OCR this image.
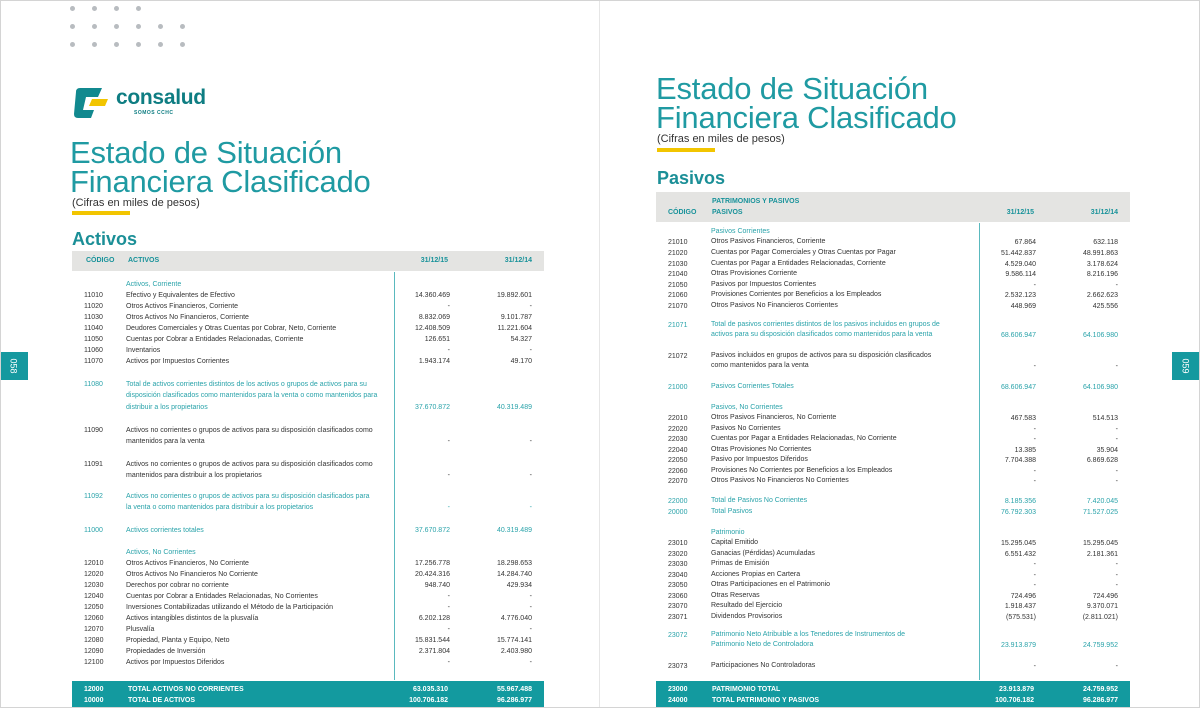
consalud
SOMOS CCHC
Estado de Situación
Financiera Clasificado
(Cifras en miles de pesos)
Activos
058
CÓDIGO ACTIVOS	31/12/15	31/12/14
Activos, Corriente
11010	Efectivo y Equivalentes de Efectivo	14.360.469	19.892.601
11020	Otros Activos Financieros, Corriente	-	-
11030	Otros Activos No Financieros, Corriente	8.832.069	9.101.787
11040	Deudores Comerciales y Otras Cuentas por Cobrar, Neto, Corriente	12.408.509	11.221.604
11050	Cuentas por Cobrar a Entidades Relacionadas, Corriente	126.651	54.327
11060	Inventarios	-	-
11070	Activos por Impuestos Corrientes	1.943.174	49.170
11080	Total de activos corrientes distintos de los activos o grupos de activos para su
disposición clasificados como mantenidos para la venta o como mantenidos para
distribuir a los propietarios	37.670.872	40.319.489
11090	Activos no corrientes o grupos de activos para su disposición clasificados como
mantenidos para la venta	-	-
11091	Activos no corrientes o grupos de activos para su disposición clasificados como
mantenidos para distribuir a los propietarios	-	-
11092	Activos no corrientes o grupos de activos para su disposición clasificados para
la venta o como mantenidos para distribuir a los propietarios	-	-
11000	Activos corrientes totales	37.670.872	40.319.489
Activos, No Corrientes
12010	Otros Activos Financieros, No Corriente	17.256.778	18.298.653
12020	Otros Activos No Financieros No Corriente	20.424.316	14.284.740
12030	Derechos por cobrar no corriente	948.740	429.934
12040	Cuentas por Cobrar a Entidades Relacionadas, No Corrientes	-	-
12050	Inversiones Contabilizadas utilizando el Método de la Participación	-	-
12060	Activos intangibles distintos de la plusvalía	6.202.128	4.776.040
12070	Plusvalía	-	-
12080	Propiedad, Planta y Equipo, Neto	15.831.544	15.774.141
12090	Propiedades de Inversión	2.371.804	2.403.980
12100	Activos por Impuestos Diferidos	-	-
12000	TOTAL ACTIVOS NO CORRIENTES	63.035.310	55.967.488
10000	TOTAL DE ACTIVOS	100.706.182	96.286.977
Estado de Situación
Financiera Clasificado
(Cifras en miles de pesos)
Pasivos
059
CÓDIGO
PATRIMONIOS Y PASIVOS
PASIVOS	31/12/15	31/12/14
Pasivos Corrientes
21010	Otros Pasivos Financieros, Corriente	67.864	632.118
21020	Cuentas por Pagar Comerciales y Otras Cuentas por Pagar	51.442.837	48.991.863
21030	Cuentas por Pagar a Entidades Relacionadas, Corriente	4.529.040	3.178.624
21040	Otras Provisiones Corriente	9.586.114	8.216.196
21050	Pasivos por Impuestos Corrientes	-	-
21060	Provisiones Corrientes por Beneficios a los Empleados	2.532.123	2.662.623
21070	Otros Pasivos No Financieros Corrientes	448.969	425.556
21071	Total de pasivos corrientes distintos de los pasivos incluidos en grupos de
activos para su disposición clasificados como mantenidos para la venta	68.606.947	64.106.980
21072	Pasivos incluidos en grupos de activos para su disposición clasificados
como mantenidos para la venta	-	-
21000	Pasivos Corrientes Totales	68.606.947	64.106.980
Pasivos, No Corrientes
22010	Otros Pasivos Financieros, No Corriente	467.583	514.513
22020	Pasivos No Corrientes	-	-
22030	Cuentas por Pagar a Entidades Relacionadas, No Corriente	-	-
22040	Otras Provisiones No Corrientes	13.385	35.904
22050	Pasivo por Impuestos Diferidos	7.704.388	6.869.628
22060	Provisiones No Corrientes por Beneficios a los Empleados	-	-
22070	Otros Pasivos No Financieros No Corrientes	-	-
22000	Total de Pasivos No Corrientes	8.185.356	7.420.045
20000	Total Pasivos	76.792.303	71.527.025
Patrimonio
23010	Capital Emitido	15.295.045	15.295.045
23020	Ganacias (Pérdidas) Acumuladas	6.551.432	2.181.361
23030	Primas de Emisión	-	-
23040	Acciones Propias en Cartera	-	-
23050	Otras Participaciones en el Patrimonio	-	-
23060	Otras Reservas	724.496	724.496
23070	Resultado del Ejercicio	1.918.437	9.370.071
23071	Dividendos Provisorios	(575.531)	(2.811.021)
23072	Patrimonio Neto Atribuible a los Tenedores de Instrumentos de
Patrimonio Neto de Controladora	23.913.879	24.759.952
23073	Participaciones No Controladoras	-	-
23000	PATRIMONIO TOTAL	23.913.879	24.759.952
24000	TOTAL PATRIMONIO Y PASIVOS	100.706.182	96.286.977
